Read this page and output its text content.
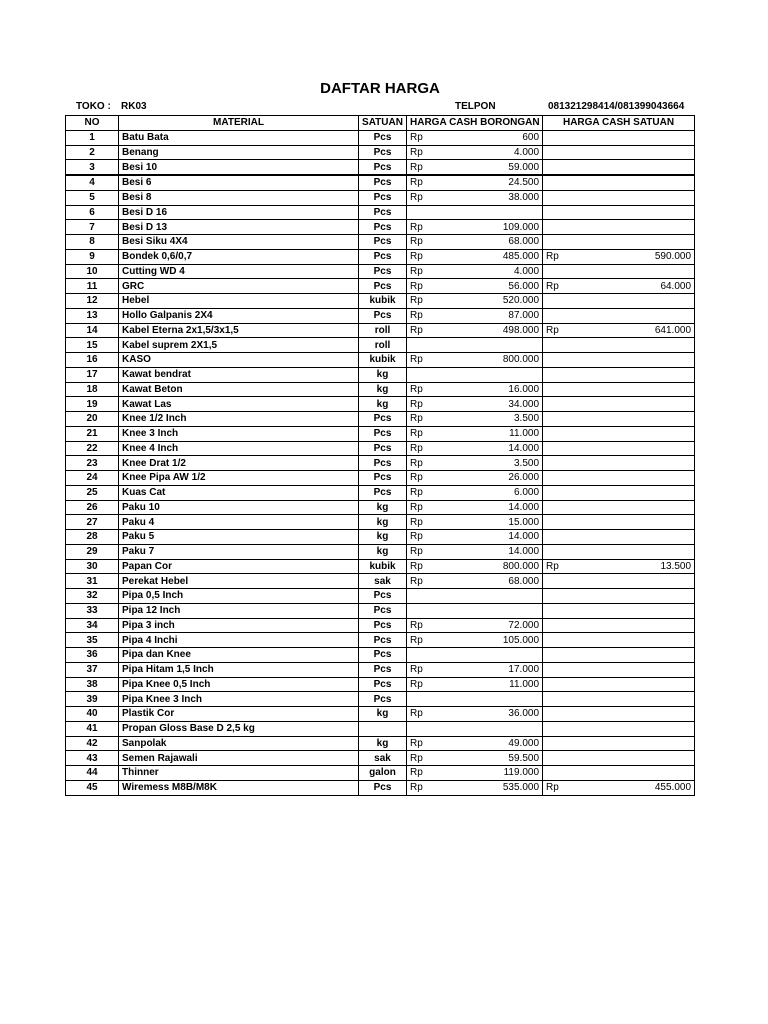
DAFTAR HARGA
TOKO : RK03	TELPON	081321298414/081399043664
NO	MATERIAL	SATUAN	HARGA CASH BORONGAN		HARGA CASH SATUAN	
1	Batu Bata	Pcs	Rp	600		
2	Benang	Pcs	Rp	4.000		
3	Besi 10	Pcs	Rp	59.000		
4	Besi 6	Pcs	Rp	24.500		
5	Besi 8	Pcs	Rp	38.000		
6	Besi D 16	Pcs				
7	Besi D 13	Pcs	Rp	109.000		
8	Besi Siku 4X4	Pcs	Rp	68.000		
9	Bondek 0,6/0,7	Pcs	Rp	485.000	Rp	590.000
10	Cutting WD 4	Pcs	Rp	4.000		
11	GRC	Pcs	Rp	56.000	Rp	64.000
12	Hebel	kubik	Rp	520.000		
13	Hollo Galpanis 2X4	Pcs	Rp	87.000		
14	Kabel Eterna 2x1,5/3x1,5	roll	Rp	498.000	Rp	641.000
15	Kabel suprem 2X1,5	roll				
16	KASO	kubik	Rp	800.000		
17	Kawat bendrat	kg				
18	Kawat Beton	kg	Rp	16.000		
19	Kawat Las	kg	Rp	34.000		
20	Knee 1/2 Inch	Pcs	Rp	3.500		
21	Knee 3 Inch	Pcs	Rp	11.000		
22	Knee 4 Inch	Pcs	Rp	14.000		
23	Knee Drat 1/2	Pcs	Rp	3.500		
24	Knee Pipa AW 1/2	Pcs	Rp	26.000		
25	Kuas Cat	Pcs	Rp	6.000		
26	Paku 10	kg	Rp	14.000		
27	Paku 4	kg	Rp	15.000		
28	Paku 5	kg	Rp	14.000		
29	Paku 7	kg	Rp	14.000		
30	Papan Cor	kubik	Rp	800.000	Rp	13.500
31	Perekat Hebel	sak	Rp	68.000		
32	Pipa 0,5 Inch	Pcs				
33	Pipa 12 Inch	Pcs				
34	Pipa 3 inch	Pcs	Rp	72.000		
35	Pipa 4 Inchi	Pcs	Rp	105.000		
36	Pipa dan Knee	Pcs				
37	Pipa Hitam 1,5 Inch	Pcs	Rp	17.000		
38	Pipa Knee 0,5 Inch	Pcs	Rp	11.000		
39	Pipa Knee 3 Inch	Pcs				
40	Plastik Cor	kg	Rp	36.000		
41	Propan Gloss Base D 2,5 kg					
42	Sanpolak	kg	Rp	49.000		
43	Semen Rajawali	sak	Rp	59.500		
44	Thinner	galon	Rp	119.000		
45	Wiremess M8B/M8K	Pcs	Rp	535.000	Rp	455.000
